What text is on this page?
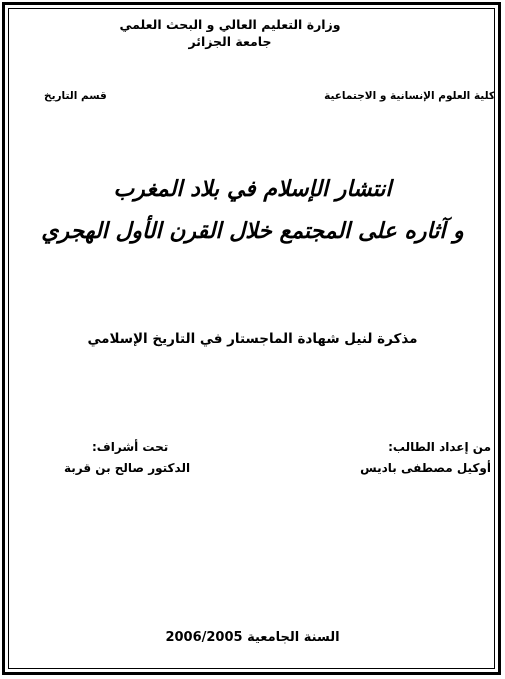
وزارة التعليم العالي و البحث العلمي
جامعة الجزائر
كلية العلوم الإنسانية و الاجتماعية
قسم التاريخ
انتشار الإسلام في بلاد المغرب
و آثاره على المجتمع خلال القرن الأول الهجري
مذكرة لنيل شهادة الماجستار في التاريخ الإسلامي
من إعداد الطالب:
أوكيل مصطفى باديس
تحت أشراف:
الدكتور صالح بن قربة
السنة الجامعية 2006/2005
